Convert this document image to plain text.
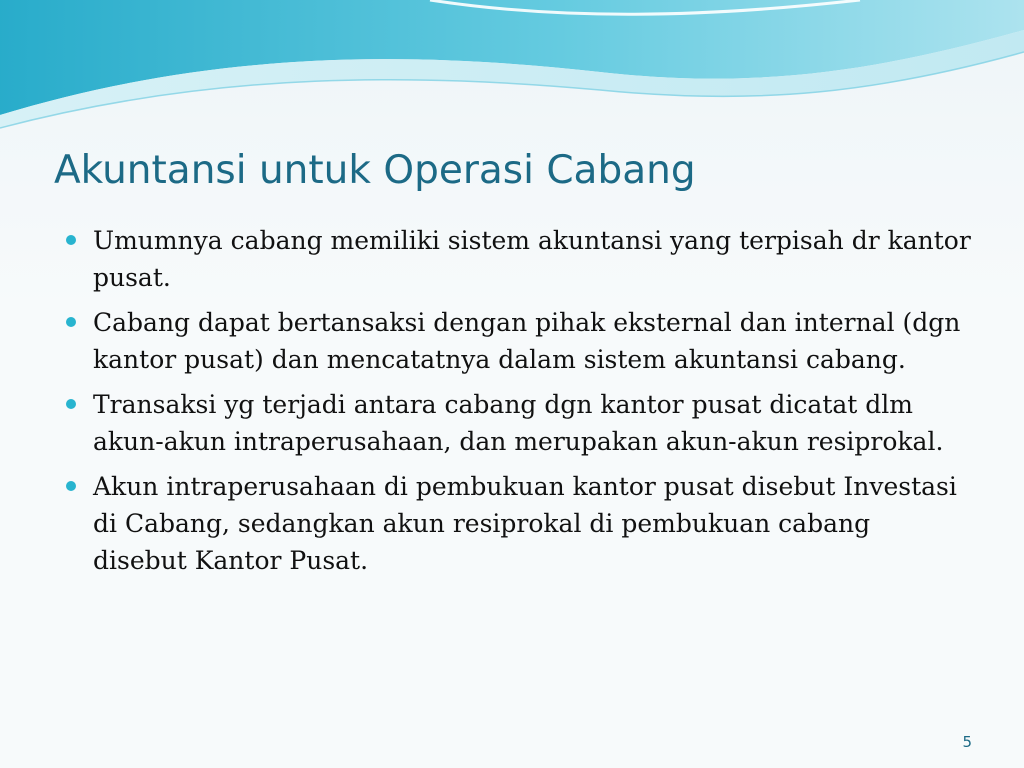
Akuntansi untuk Operasi Cabang
Umumnya cabang memiliki sistem akuntansi yang terpisah dr kantor pusat.
Cabang dapat bertansaksi dengan pihak eksternal dan internal (dgn kantor pusat) dan mencatatnya dalam sistem akuntansi cabang.
Transaksi yg terjadi antara cabang dgn kantor pusat dicatat dlm akun-akun intraperusahaan, dan merupakan akun-akun resiprokal.
Akun intraperusahaan di pembukuan kantor pusat disebut Investasi di Cabang, sedangkan akun resiprokal di pembukuan cabang disebut Kantor Pusat.
5
